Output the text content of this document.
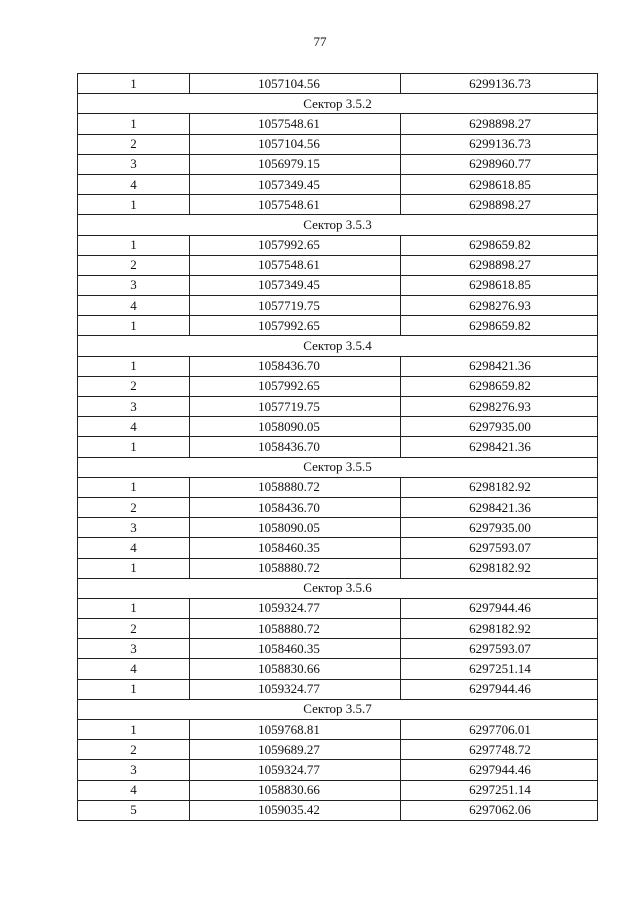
77
1	1057104.56	6299136.73
Сектор 3.5.2		
1	1057548.61	6298898.27
2	1057104.56	6299136.73
3	1056979.15	6298960.77
4	1057349.45	6298618.85
1	1057548.61	6298898.27
Сектор 3.5.3		
1	1057992.65	6298659.82
2	1057548.61	6298898.27
3	1057349.45	6298618.85
4	1057719.75	6298276.93
1	1057992.65	6298659.82
Сектор 3.5.4		
1	1058436.70	6298421.36
2	1057992.65	6298659.82
3	1057719.75	6298276.93
4	1058090.05	6297935.00
1	1058436.70	6298421.36
Сектор 3.5.5		
1	1058880.72	6298182.92
2	1058436.70	6298421.36
3	1058090.05	6297935.00
4	1058460.35	6297593.07
1	1058880.72	6298182.92
Сектор 3.5.6		
1	1059324.77	6297944.46
2	1058880.72	6298182.92
3	1058460.35	6297593.07
4	1058830.66	6297251.14
1	1059324.77	6297944.46
Сектор 3.5.7		
1	1059768.81	6297706.01
2	1059689.27	6297748.72
3	1059324.77	6297944.46
4	1058830.66	6297251.14
5	1059035.42	6297062.06
